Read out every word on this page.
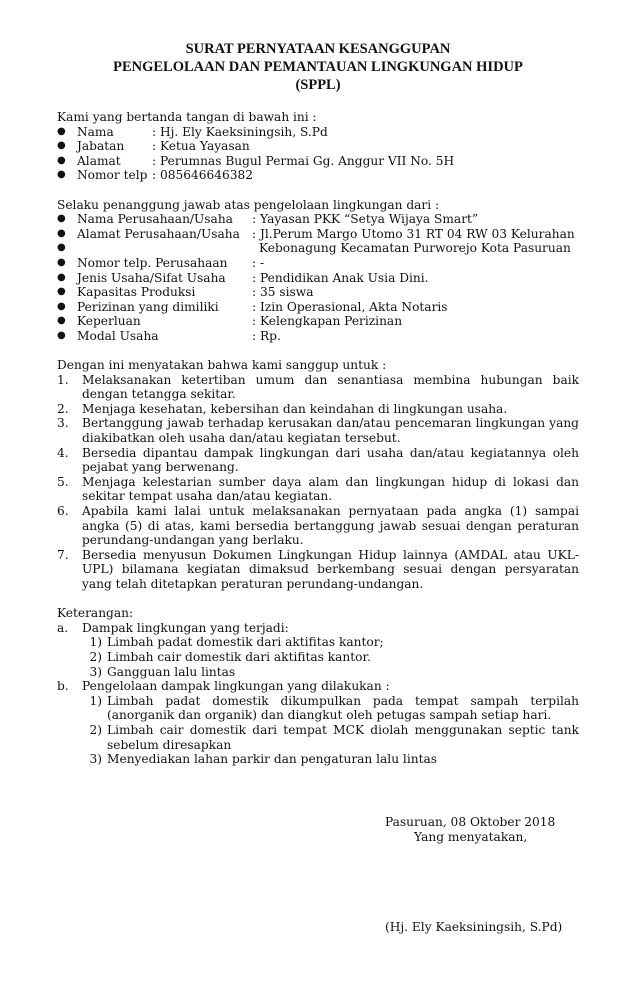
SURAT PERNYATAAN KESANGGUPAN
PENGELOLAAN DAN PEMANTAUAN LINGKUNGAN HIDUP
(SPPL)

Kami yang bertanda tangan di bawah ini :

● Nama	: Hj. Ely Kaeksiningsih, S.Pd
● Jabatan	: Ketua Yayasan
● Alamat	: Perumnas Bugul Permai Gg. Anggur VII No. 5H
● Nomor telp : 085646646382

Selaku penanggung jawab atas pengelolaan lingkungan dari :

● Nama Perusahaan/Usaha	: Yayasan PKK “Setya Wijaya Smart”
● Alamat Perusahaan/Usaha : Jl.Perum Margo Utomo 31 RT 04 RW 03 Kelurahan
●	Kebonagung Kecamatan Purworejo Kota Pasuruan
● Nomor telp. Perusahaan	: -
● Jenis Usaha/Sifat Usaha	: Pendidikan Anak Usia Dini.
● Kapasitas Produksi	: 35 siswa
● Perizinan yang dimiliki	: Izin Operasional, Akta Notaris
● Keperluan	: Kelengkapan Perizinan
● Modal Usaha	: Rp.

Dengan ini menyatakan bahwa kami sanggup untuk :

1.	Melaksanakan ketertiban umum dan senantiasa membina hubungan baik dengan tetangga sekitar.
2.	Menjaga kesehatan, kebersihan dan keindahan di lingkungan usaha.
3.	Bertanggung jawab terhadap kerusakan dan/atau pencemaran lingkungan yang diakibatkan oleh usaha dan/atau kegiatan tersebut.
4.	Bersedia dipantau dampak lingkungan dari usaha dan/atau kegiatannya oleh pejabat yang berwenang.
5.	Menjaga kelestarian sumber daya alam dan lingkungan hidup di lokasi dan sekitar tempat usaha dan/atau kegiatan.
6.	Apabila kami lalai untuk melaksanakan pernyataan pada angka (1) sampai angka (5) di atas, kami bersedia bertanggung jawab sesuai dengan peraturan perundang-undangan yang berlaku.
7.	Bersedia menyusun Dokumen Lingkungan Hidup lainnya (AMDAL atau UKL-UPL) bilamana kegiatan dimaksud berkembang sesuai dengan persyaratan yang telah ditetapkan peraturan perundang-undangan.

Keterangan:

a.	Dampak lingkungan yang terjadi:
1) Limbah padat domestik dari aktifitas kantor;
2) Limbah cair domestik dari aktifitas kantor.
3) Gangguan lalu lintas
b.	Pengelolaan dampak lingkungan yang dilakukan :
1) Limbah padat domestik dikumpulkan pada tempat sampah terpilah (anorganik dan organik) dan diangkut oleh petugas sampah setiap hari.
2) Limbah cair domestik dari tempat MCK diolah menggunakan septic tank sebelum diresapkan
3) Menyediakan lahan parkir dan pengaturan lalu lintas
Pasuruan, 08 Oktober 2018
Yang menyatakan,
(Hj. Ely Kaeksiningsih, S.Pd)
